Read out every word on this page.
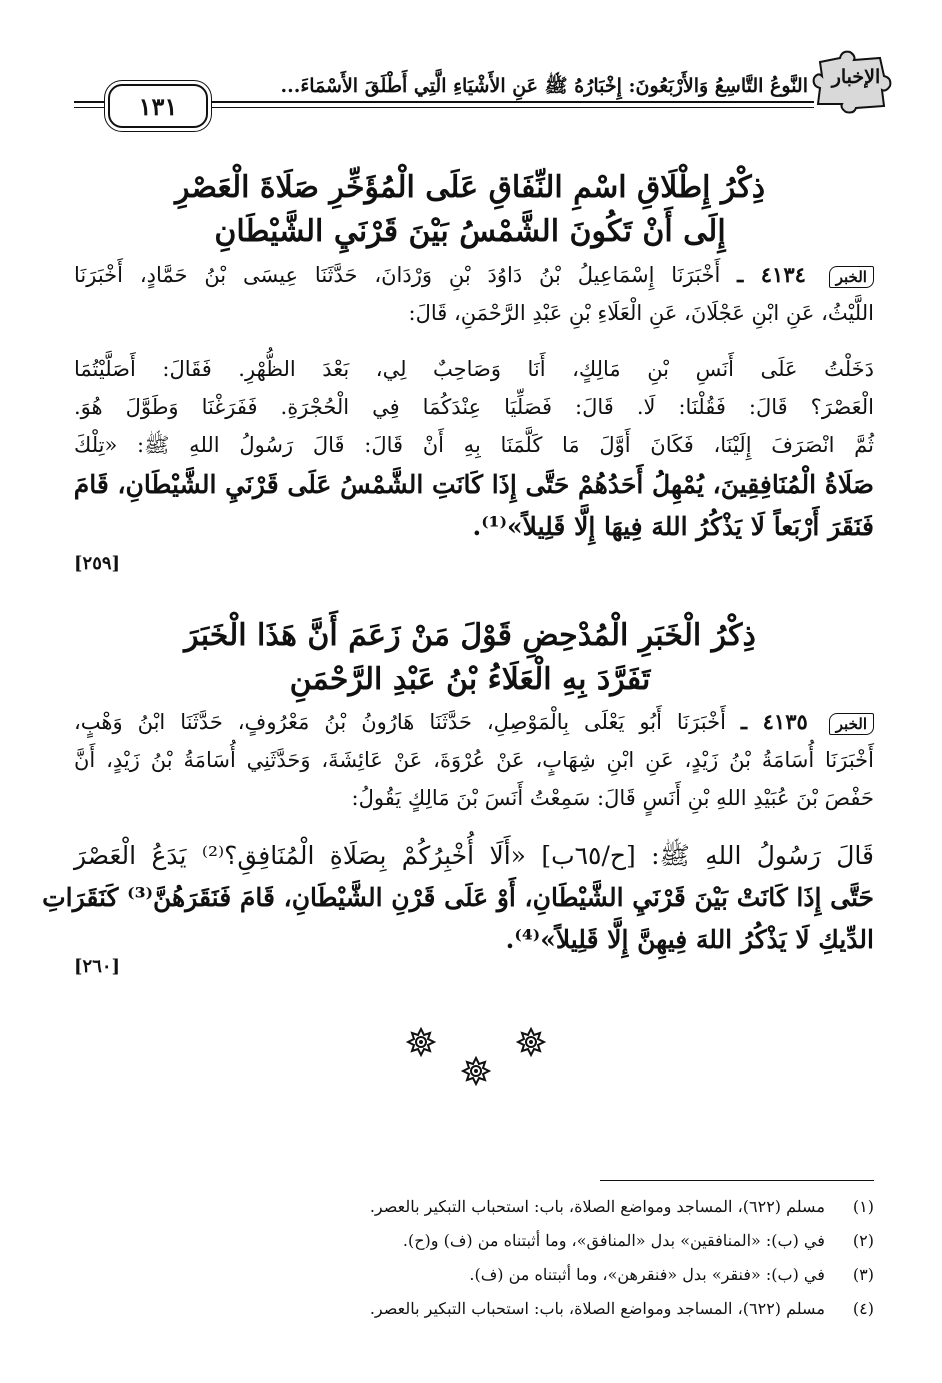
الإخبار
النَّوعُ التَّاسِعُ وَالأَرْبَعُونَ: إِخْبَارُهُ ﷺ عَنِ الأَشْيَاءِ الَّتِي أَطْلَقَ الأَسْمَاءَ...
١٣١
ذِكْرُ إِطْلَاقِ اسْمِ النِّفَاقِ عَلَى الْمُؤَخِّرِ صَلَاةَ الْعَصْرِ
إِلَى أَنْ تَكُونَ الشَّمْسُ بَيْنَ قَرْنَيِ الشَّيْطَانِ
الخبر ٤١٣٤ ـ أَخْبَرَنَا إِسْمَاعِيلُ بْنُ دَاوُدَ بْنِ وَرْدَانَ، حَدَّثَنَا عِيسَى بْنُ حَمَّادٍ، أَخْبَرَنَا
اللَّيْثُ، عَنِ ابْنِ عَجْلَانَ، عَنِ الْعَلَاءِ بْنِ عَبْدِ الرَّحْمَنِ، قَالَ:
دَخَلْتُ عَلَى أَنَسِ بْنِ مَالِكٍ، أَنَا وَصَاحِبٌ لِي، بَعْدَ الظُّهْرِ. فَقَالَ: أَصَلَّيْتُمَا
الْعَصْرَ؟ قَالَ: فَقُلْنَا: لَا. قَالَ: فَصَلِّيَا عِنْدَكُمَا فِي الْحُجْرَةِ. فَفَرَغْنَا وَطَوَّلَ هُوَ.
ثُمَّ انْصَرَفَ إِلَيْنَا، فَكَانَ أَوَّلَ مَا كَلَّمَنَا بِهِ أَنْ قَالَ: قَالَ رَسُولُ اللهِ ﷺ: «تِلْكَ
صَلَاةُ الْمُنَافِقِينَ، يُمْهِلُ أَحَدُهُمْ حَتَّى إِذَا كَانَتِ الشَّمْسُ عَلَى قَرْنَيِ الشَّيْطَانِ، قَامَ
فَنَقَرَ أَرْبَعاً لَا يَذْكُرُ اللهَ فِيهَا إِلَّا قَلِيلاً»⁽¹⁾.
[٢٥٩]
ذِكْرُ الْخَبَرِ الْمُدْحِضِ قَوْلَ مَنْ زَعَمَ أَنَّ هَذَا الْخَبَرَ
تَفَرَّدَ بِهِ الْعَلَاءُ بْنُ عَبْدِ الرَّحْمَنِ
الخبر ٤١٣٥ ـ أَخْبَرَنَا أَبُو يَعْلَى بِالْمَوْصِلِ، حَدَّثَنَا هَارُونُ بْنُ مَعْرُوفٍ، حَدَّثَنَا ابْنُ وَهْبٍ،
أَخْبَرَنَا أُسَامَةُ بْنُ زَيْدٍ، عَنِ ابْنِ شِهَابٍ، عَنْ عُرْوَةَ، عَنْ عَائِشَةَ، وَحَدَّثَنِي أُسَامَةُ بْنُ زَيْدٍ، أَنَّ
حَفْصَ بْنَ عُبَيْدِ اللهِ بْنِ أَنَسٍ قَالَ: سَمِعْتُ أَنَسَ بْنَ مَالِكٍ يَقُولُ:
قَالَ رَسُولُ اللهِ ﷺ: [ح/٦٥ب] «أَلَا أُخْبِرُكُمْ بِصَلَاةِ الْمُنَافِقِ؟⁽²⁾ يَدَعُ الْعَصْرَ
حَتَّى إِذَا كَانَتْ بَيْنَ قَرْنَيِ الشَّيْطَانِ، أَوْ عَلَى قَرْنِ الشَّيْطَانِ، قَامَ فَنَقَرَهُنَّ⁽³⁾ كَنَقَرَاتِ
الدِّيكِ لَا يَذْكُرُ اللهَ فِيهِنَّ إِلَّا قَلِيلاً»⁽⁴⁾.
[٢٦٠]
(١) مسلم (٦٢٢)، المساجد ومواضع الصلاة، باب: استحباب التبكير بالعصر.
(٢) في (ب): «المنافقين» بدل «المنافق»، وما أثبتناه من (ف) و(ح).
(٣) في (ب): «فنقر» بدل «فنقرهن»، وما أثبتناه من (ف).
(٤) مسلم (٦٢٢)، المساجد ومواضع الصلاة، باب: استحباب التبكير بالعصر.
